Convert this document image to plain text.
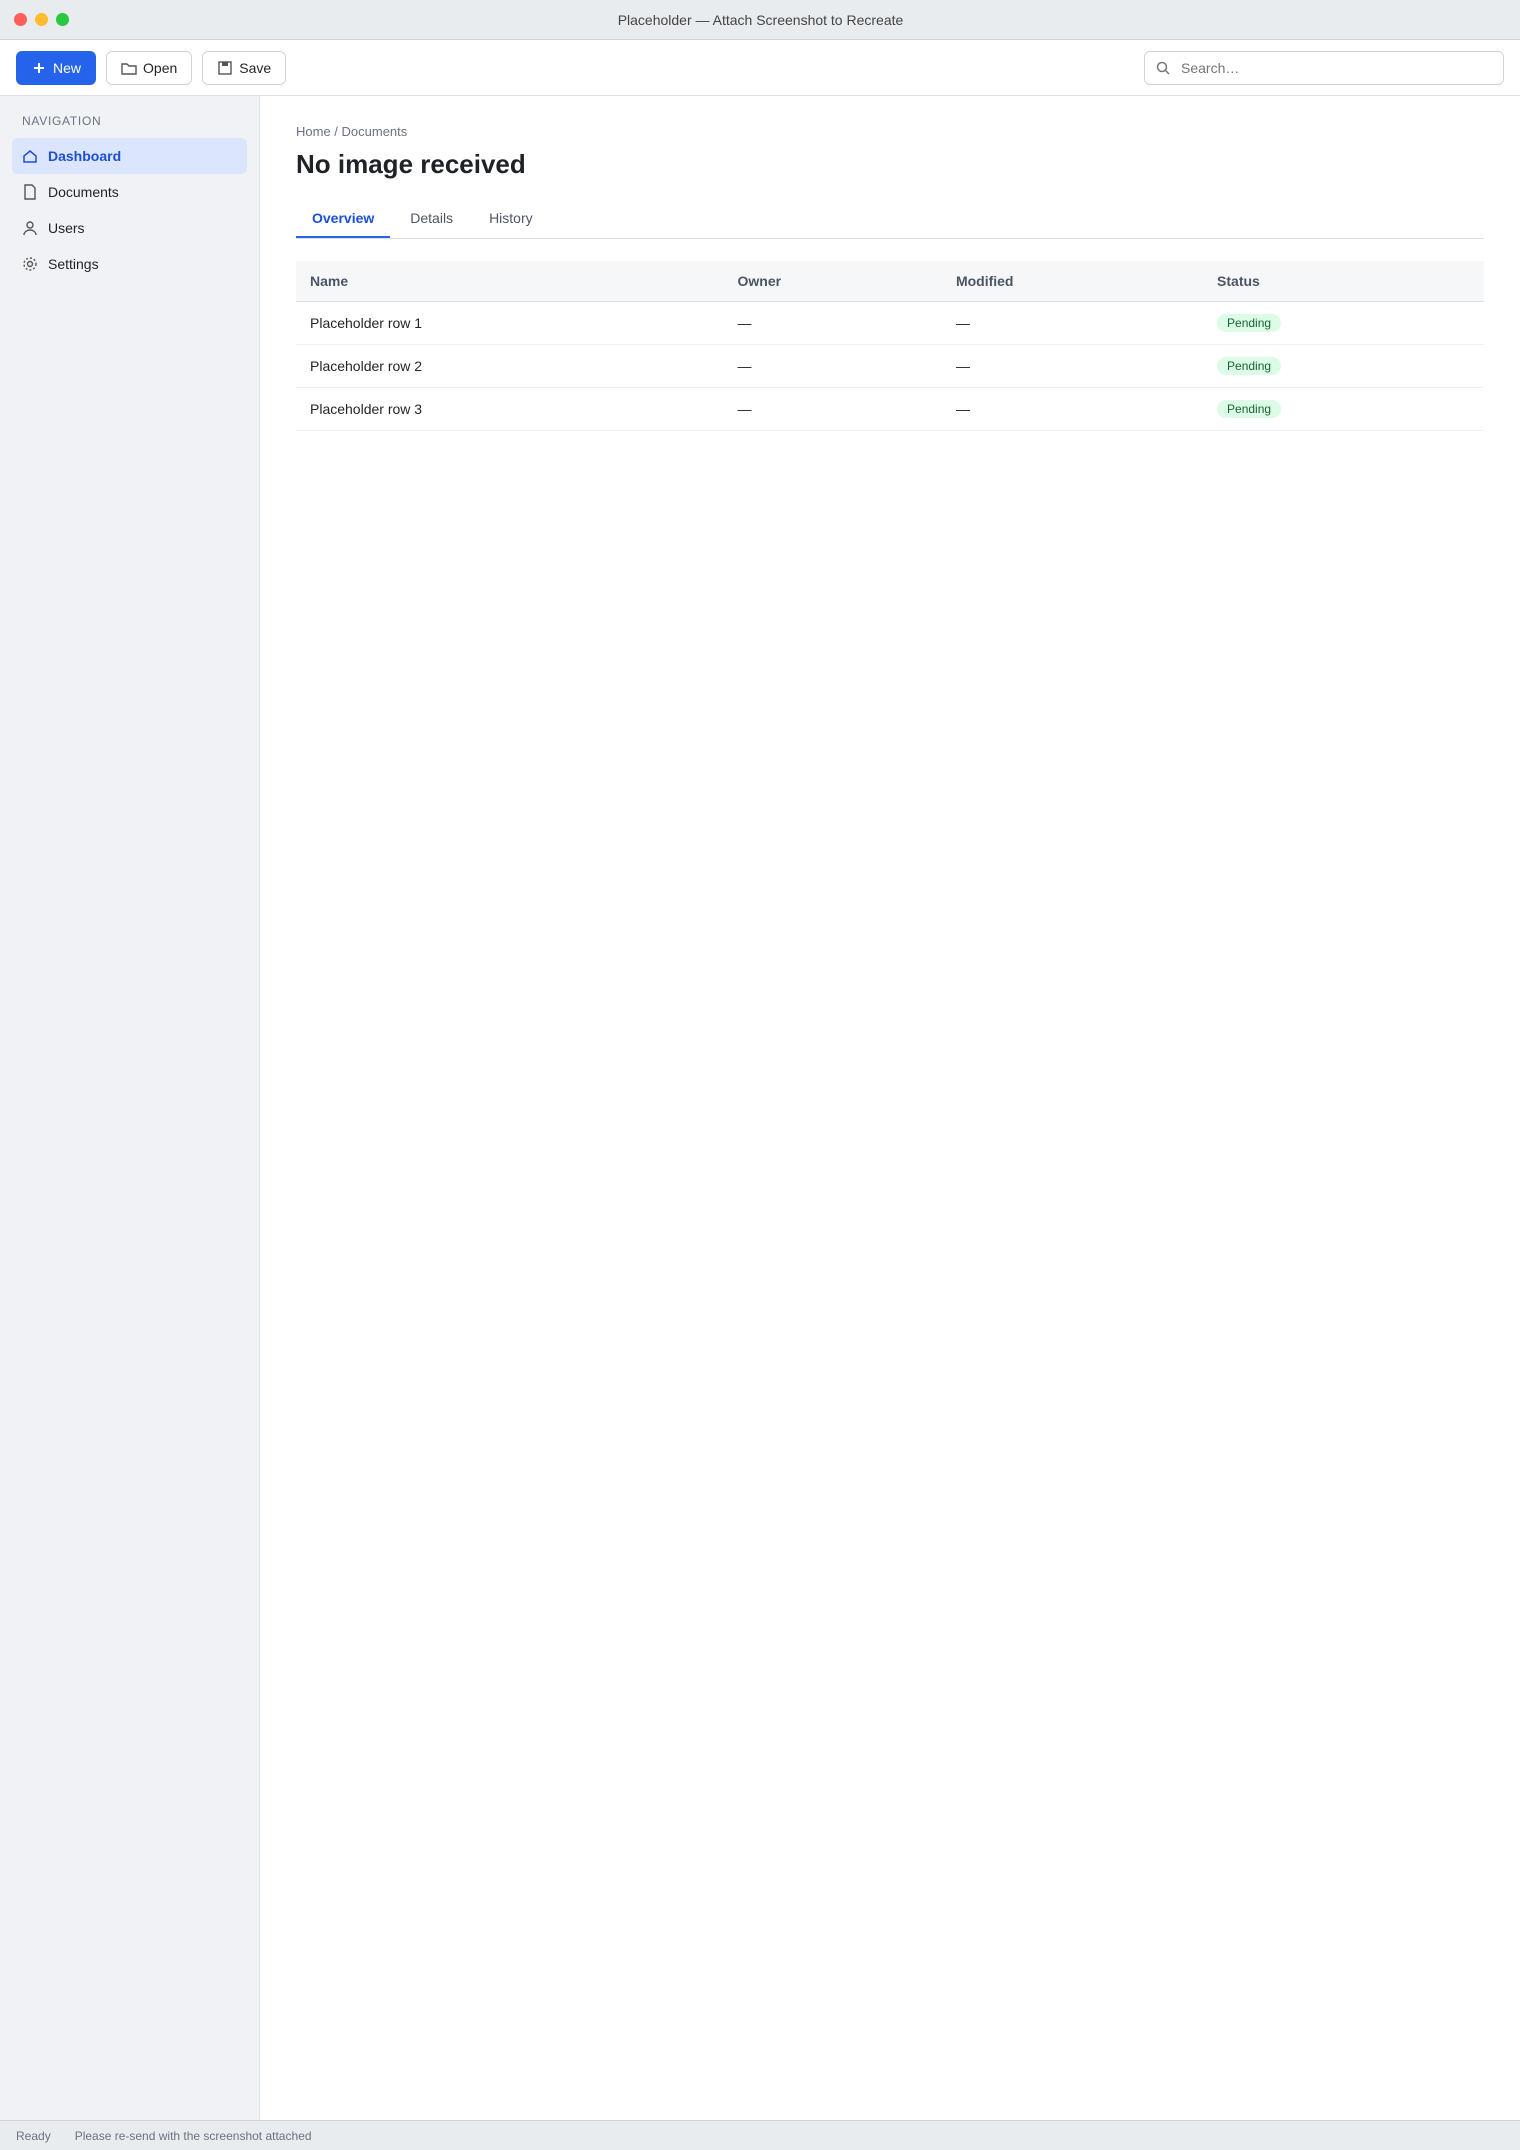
Placeholder — Attach Screenshot to Recreate
New	Open	Save
Search…
NAVIGATION
Dashboard
Documents
Users
Settings
Home / Documents
No image received
Overview	Details	History
Name	Owner	Modified	Status
Placeholder row 1	—	—	Pending
Placeholder row 2	—	—	Pending
Placeholder row 3	—	—	Pending
Ready Please re-send with the screenshot attached
